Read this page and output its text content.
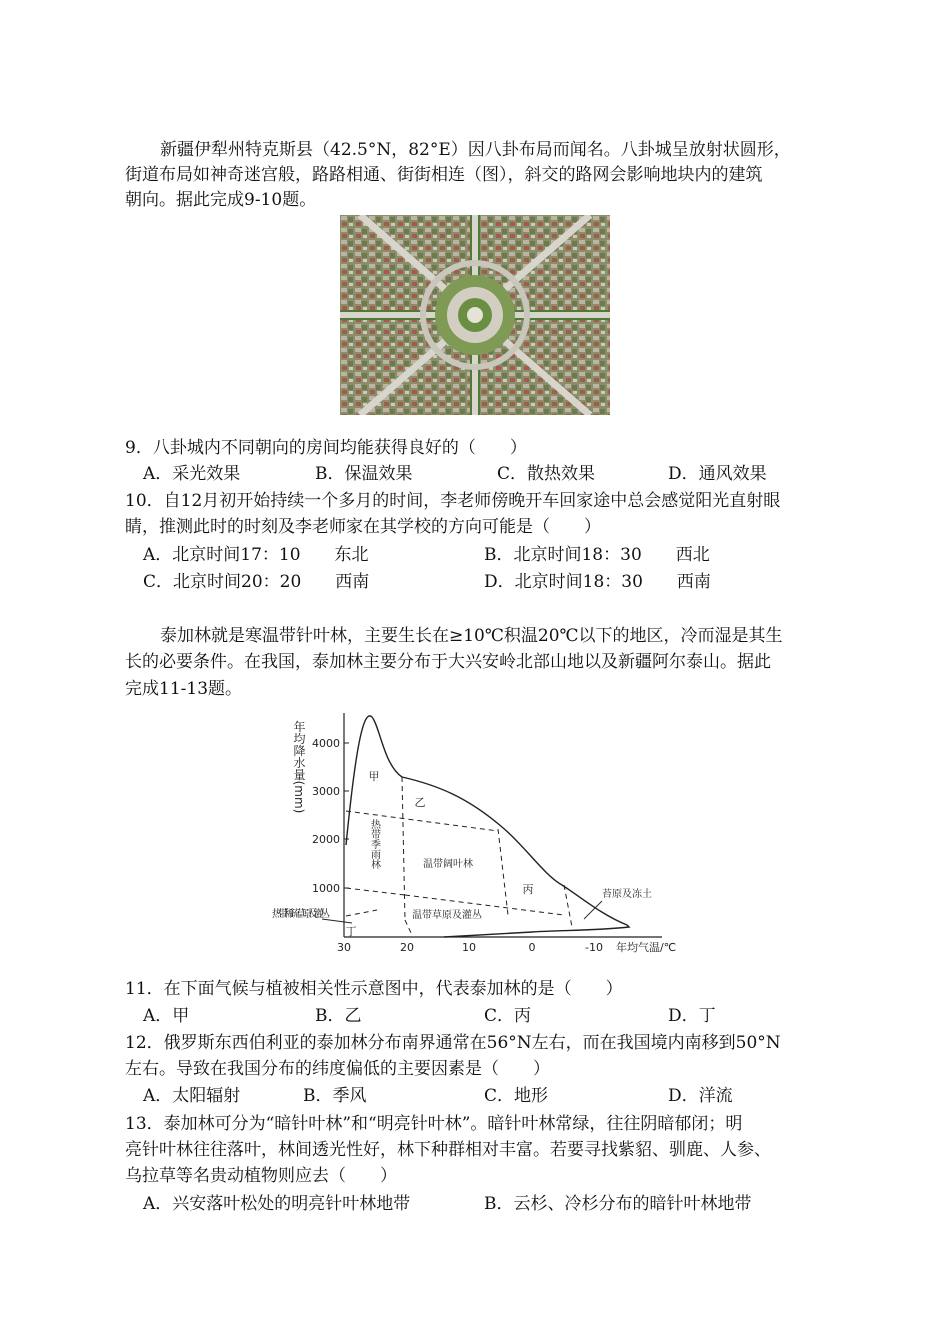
新疆伊犁州特克斯县（42.5°N，82°E）因八卦布局而闻名。八卦城呈放射状圆形，
街道布局如神奇迷宫般，路路相通、街街相连（图），斜交的路网会影响地块内的建筑
朝向。据此完成9-10题。
9．八卦城内不同朝向的房间均能获得良好的（　　）
A．采光效果	B．保温效果	C．散热效果	D．通风效果
10．自12月初开始持续一个多月的时间，李老师傍晚开车回家途中总会感觉阳光直射眼
睛，推测此时的时刻及李老师家在其学校的方向可能是（　　）
A．北京时间17：10　　东北	B．北京时间18：30　　西北
C．北京时间20：20　　西南	D．北京时间18：30　　西南
泰加林就是寒温带针叶林，主要生长在≥10℃积温20℃以下的地区，冷而湿是其生
长的必要条件。在我国，泰加林主要分布于大兴安岭北部山地以及新疆阿尔泰山。据此
完成11-13题。
1000
2000
3000
4000
30	20	10	0	-10 年均气温/℃
年均降水量(mm)	甲
乙
丙
丁
热带季雨林	温带阔叶林
温带草原及灌丛
热带稀疏草原及灌丛
苔原及冻土
11．在下面气候与植被相关性示意图中，代表泰加林的是（　　）
A．甲	B．乙	C．丙	D．丁
12．俄罗斯东西伯利亚的泰加林分布南界通常在56°N左右，而在我国境内南移到50°N
左右。导致在我国分布的纬度偏低的主要因素是（　　）
A．太阳辐射	B．季风	C．地形	D．洋流
13．泰加林可分为“暗针叶林”和“明亮针叶林”。暗针叶林常绿，往往阴暗郁闭；明
亮针叶林往往落叶，林间透光性好，林下种群相对丰富。若要寻找紫貂、驯鹿、人参、
乌拉草等名贵动植物则应去（　　）
A．兴安落叶松处的明亮针叶林地带	B．云杉、冷杉分布的暗针叶林地带
